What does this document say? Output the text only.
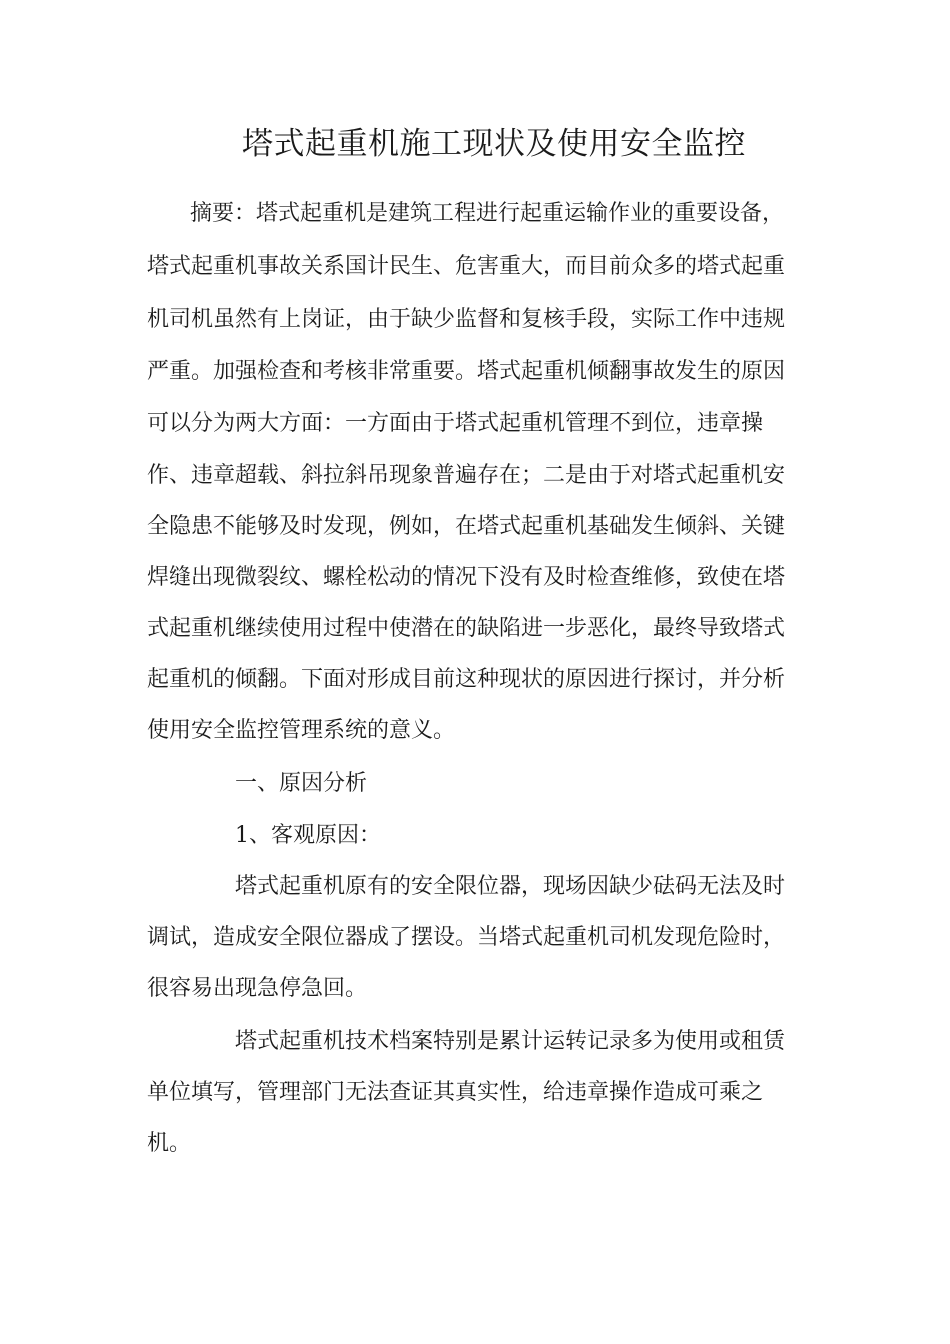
塔式起重机施工现状及使用安全监控

摘要：塔式起重机是建筑工程进行起重运输作业的重要设备，

塔式起重机事故关系国计民生、危害重大，而目前众多的塔式起重

机司机虽然有上岗证，由于缺少监督和复核手段，实际工作中违规

严重。加强检查和考核非常重要。塔式起重机倾翻事故发生的原因

可以分为两大方面：一方面由于塔式起重机管理不到位，违章操

作、违章超载、斜拉斜吊现象普遍存在；二是由于对塔式起重机安

全隐患不能够及时发现，例如，在塔式起重机基础发生倾斜、关键

焊缝出现微裂纹、螺栓松动的情况下没有及时检查维修，致使在塔

式起重机继续使用过程中使潜在的缺陷进一步恶化，最终导致塔式

起重机的倾翻。下面对形成目前这种现状的原因进行探讨，并分析

使用安全监控管理系统的意义。

一、原因分析

1、客观原因：

塔式起重机原有的安全限位器，现场因缺少砝码无法及时

调试，造成安全限位器成了摆设。当塔式起重机司机发现危险时，

很容易出现急停急回。

塔式起重机技术档案特别是累计运转记录多为使用或租赁

单位填写，管理部门无法查证其真实性，给违章操作造成可乘之

机。
